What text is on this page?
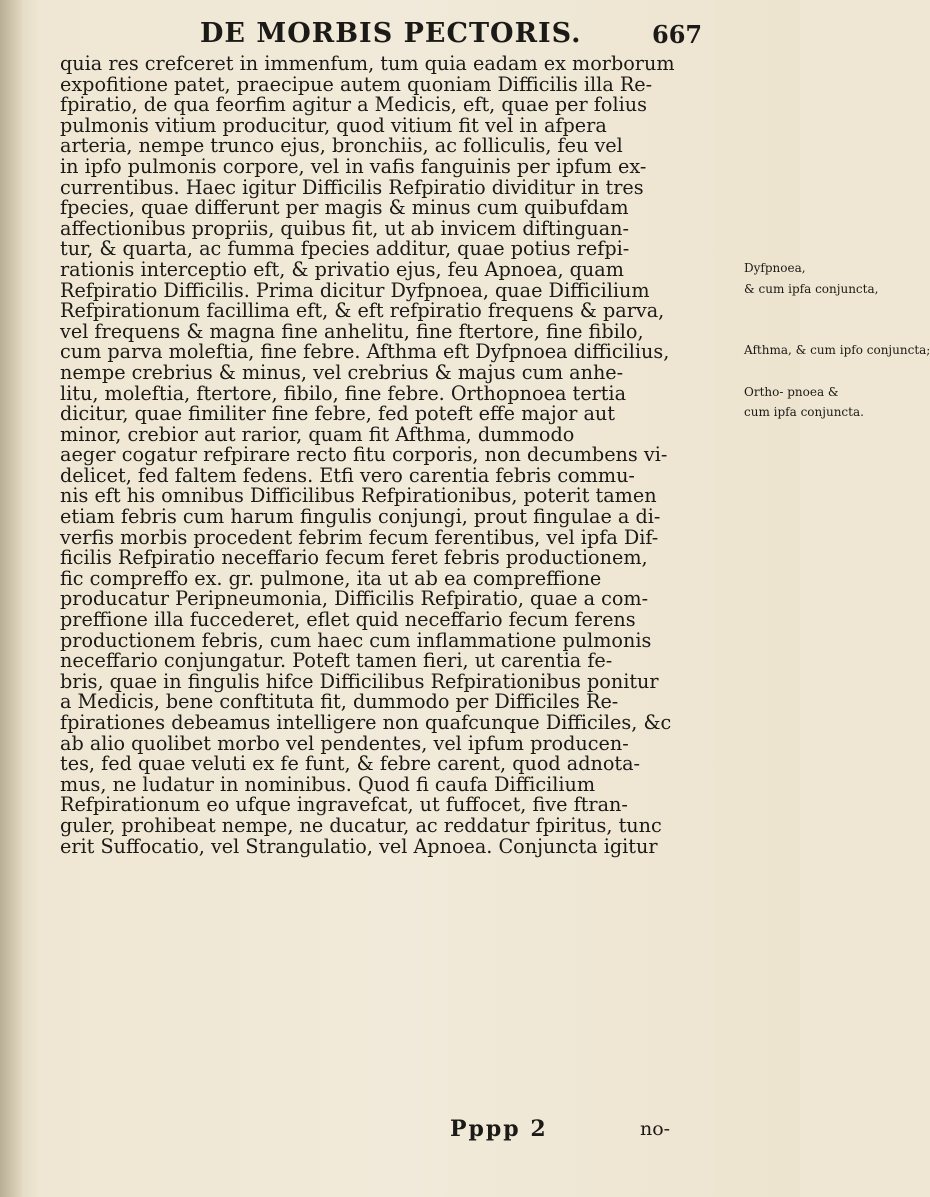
DE MORBIS PECTORIS.	667
quia res crefceret in immenfum, tum quia eadam ex morborum
expofitione patet, praecipue autem quoniam Difficilis illa Re-
fpiratio, de qua feorfim agitur a Medicis, eft, quae per folius
pulmonis vitium producitur, quod vitium fit vel in afpera
arteria, nempe trunco ejus, bronchiis, ac folliculis, feu vel
in ipfo pulmonis corpore, vel in vafis fanguinis per ipfum ex-
currentibus. Haec igitur Difficilis Refpiratio dividitur in tres
fpecies, quae differunt per magis & minus cum quibufdam
affectionibus propriis, quibus fit, ut ab invicem diftinguan-
tur, & quarta, ac fumma fpecies additur, quae potius refpi-
rationis interceptio eft, & privatio ejus, feu Apnoea, quam
Refpiratio Difficilis. Prima dicitur Dyfpnoea, quae Difficilium
Refpirationum facillima eft, & eft refpiratio frequens & parva,
vel frequens & magna fine anhelitu, fine ftertore, fine fibilo,
cum parva moleftia, fine febre. Afthma eft Dyfpnoea difficilius,
nempe crebrius & minus, vel crebrius & majus cum anhe-
litu, moleftia, ftertore, fibilo, fine febre. Orthopnoea tertia
dicitur, quae fimiliter fine febre, fed poteft effe major aut
minor, crebior aut rarior, quam fit Afthma, dummodo
aeger cogatur refpirare recto fitu corporis, non decumbens vi-
delicet, fed faltem fedens. Etfi vero carentia febris commu-
nis eft his omnibus Difficilibus Refpirationibus, poterit tamen
etiam febris cum harum fingulis conjungi, prout fingulae a di-
verfis morbis procedent febrim fecum ferentibus, vel ipfa Dif-
ficilis Refpiratio neceffario fecum feret febris productionem,
fic compreffo ex. gr. pulmone, ita ut ab ea compreffione
producatur Peripneumonia, Difficilis Refpiratio, quae a com-
preffione illa fuccederet, eflet quid neceffario fecum ferens
productionem febris, cum haec cum inflammatione pulmonis
neceffario conjungatur. Poteft tamen fieri, ut carentia fe-
bris, quae in fingulis hifce Difficilibus Refpirationibus ponitur
a Medicis, bene conftituta fit, dummodo per Difficiles Re-
fpirationes debeamus intelligere non quafcunque Difficiles, &c
ab alio quolibet morbo vel pendentes, vel ipfum producen-
tes, fed quae veluti ex fe funt, & febre carent, quod adnota-
mus, ne ludatur in nominibus. Quod fi caufa Difficilium
Refpirationum eo ufque ingravefcat, ut fuffocet, five ftran-
guler, prohibeat nempe, ne ducatur, ac reddatur fpiritus, tunc
erit Suffocatio, vel Strangulatio, vel Apnoea. Conjuncta igitur
Dyfpnoea,
& cum ipfa conjuncta,
Afthma, & cum ipfo conjuncta;
Ortho- pnoea &
cum ipfa conjuncta.
Pppp 2	no-
